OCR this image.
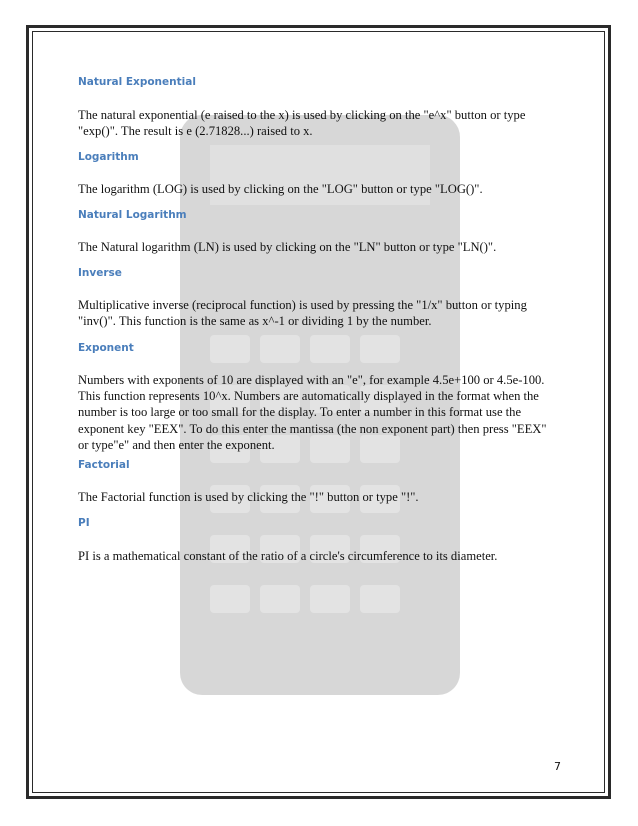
Natural Exponential
The natural exponential (e raised to the x) is used by clicking on the "e^x" button or type "exp()". The result is e (2.71828...) raised to x.
Logarithm
The logarithm (LOG) is used by clicking on the "LOG" button or type "LOG()".
Natural Logarithm
The Natural logarithm (LN) is used by clicking on the "LN" button or type "LN()".
Inverse
Multiplicative inverse (reciprocal function) is used by pressing the "1/x" button or typing "inv()". This function is the same as x^-1 or dividing 1 by the number.
Exponent
Numbers with exponents of 10 are displayed with an "e", for example 4.5e+100 or 4.5e-100. This function represents 10^x. Numbers are automatically displayed in the format when the number is too large or too small for the display. To enter a number in this format use the exponent key "EEX". To do this enter the mantissa (the non exponent part) then press "EEX" or type"e" and then enter the exponent.
Factorial
The Factorial function is used by clicking the "!" button or type "!".
PI
PI is a mathematical constant of the ratio of a circle's circumference to its diameter.
7
